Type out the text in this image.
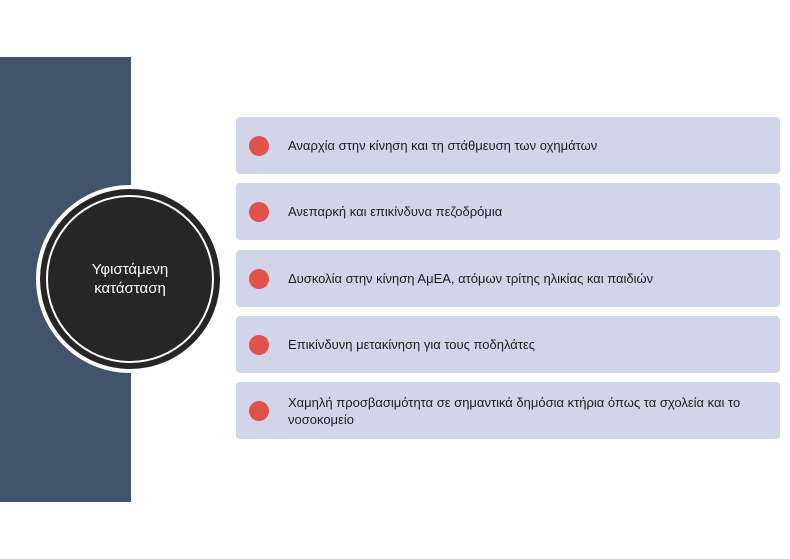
Υφιστάμενη
κατάσταση
Αναρχία στην κίνηση και τη στάθμευση των οχημάτων
Ανεπαρκή και επικίνδυνα πεζοδρόμια
Δυσκολία στην κίνηση ΑμΕΑ, ατόμων τρίτης ηλικίας και παιδιών
Επικίνδυνη μετακίνηση για τους ποδηλάτες
Χαμηλή προσβασιμότητα σε σημαντικά δημόσια κτήρια όπως τα σχολεία και το νοσοκομείο
